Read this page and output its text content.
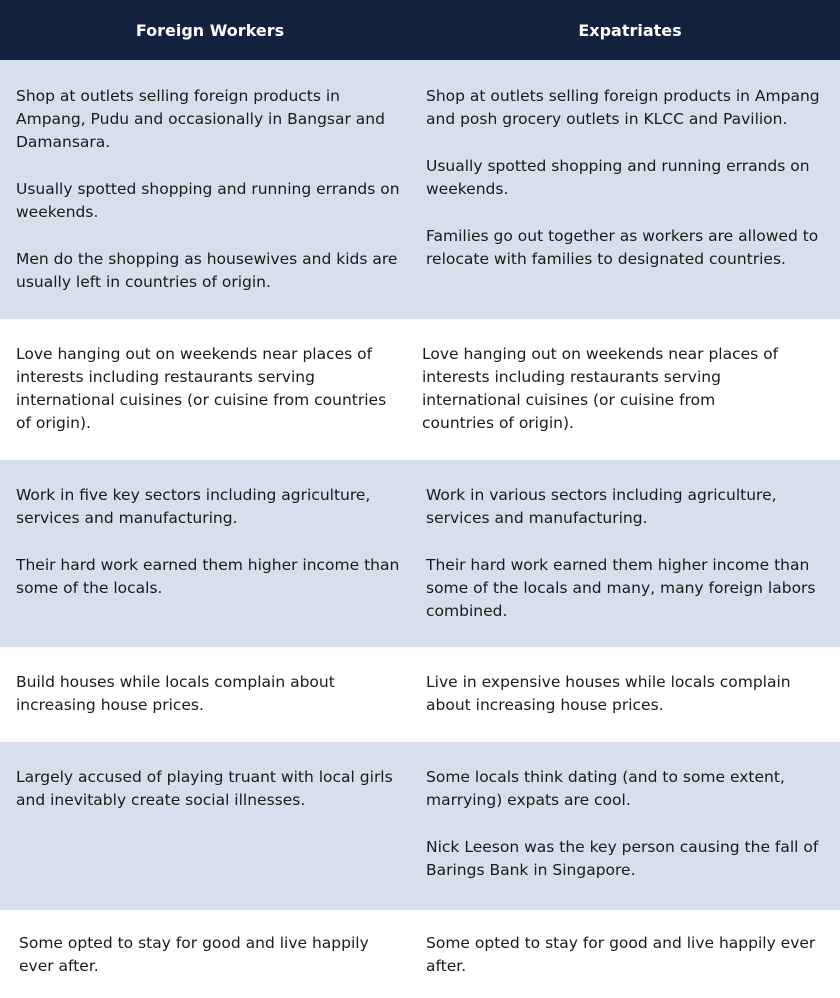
Foreign Workers	Expatriates

Shop at outlets selling foreign products in Ampang, Pudu and occasionally in Bangsar and Damansara.

Usually spotted shopping and running errands on weekends.

Men do the shopping as housewives and kids are usually left in countries of origin.

Shop at outlets selling foreign products in Ampang and posh grocery outlets in KLCC and Pavilion.

Usually spotted shopping and running errands on weekends.

Families go out together as workers are allowed to relocate with families to designated countries.

Love hanging out on weekends near places of interests including restaurants serving international cuisines (or cuisine from countries of origin).

Love hanging out on weekends near places of interests including restaurants serving international cuisines (or cuisine from countries of origin).

Work in five key sectors including agriculture, services and manufacturing.

Their hard work earned them higher income than some of the locals.

Work in various sectors including agriculture, services and manufacturing.

Their hard work earned them higher income than some of the locals and many, many foreign labors combined.

Build houses while locals complain about increasing house prices.

Live in expensive houses while locals complain about increasing house prices.

Largely accused of playing truant with local girls and inevitably create social illnesses.

Some locals think dating (and to some extent, marrying) expats are cool.

Nick Leeson was the key person causing the fall of Barings Bank in Singapore.

Some opted to stay for good and live happily ever after.

Some opted to stay for good and live happily ever after.
